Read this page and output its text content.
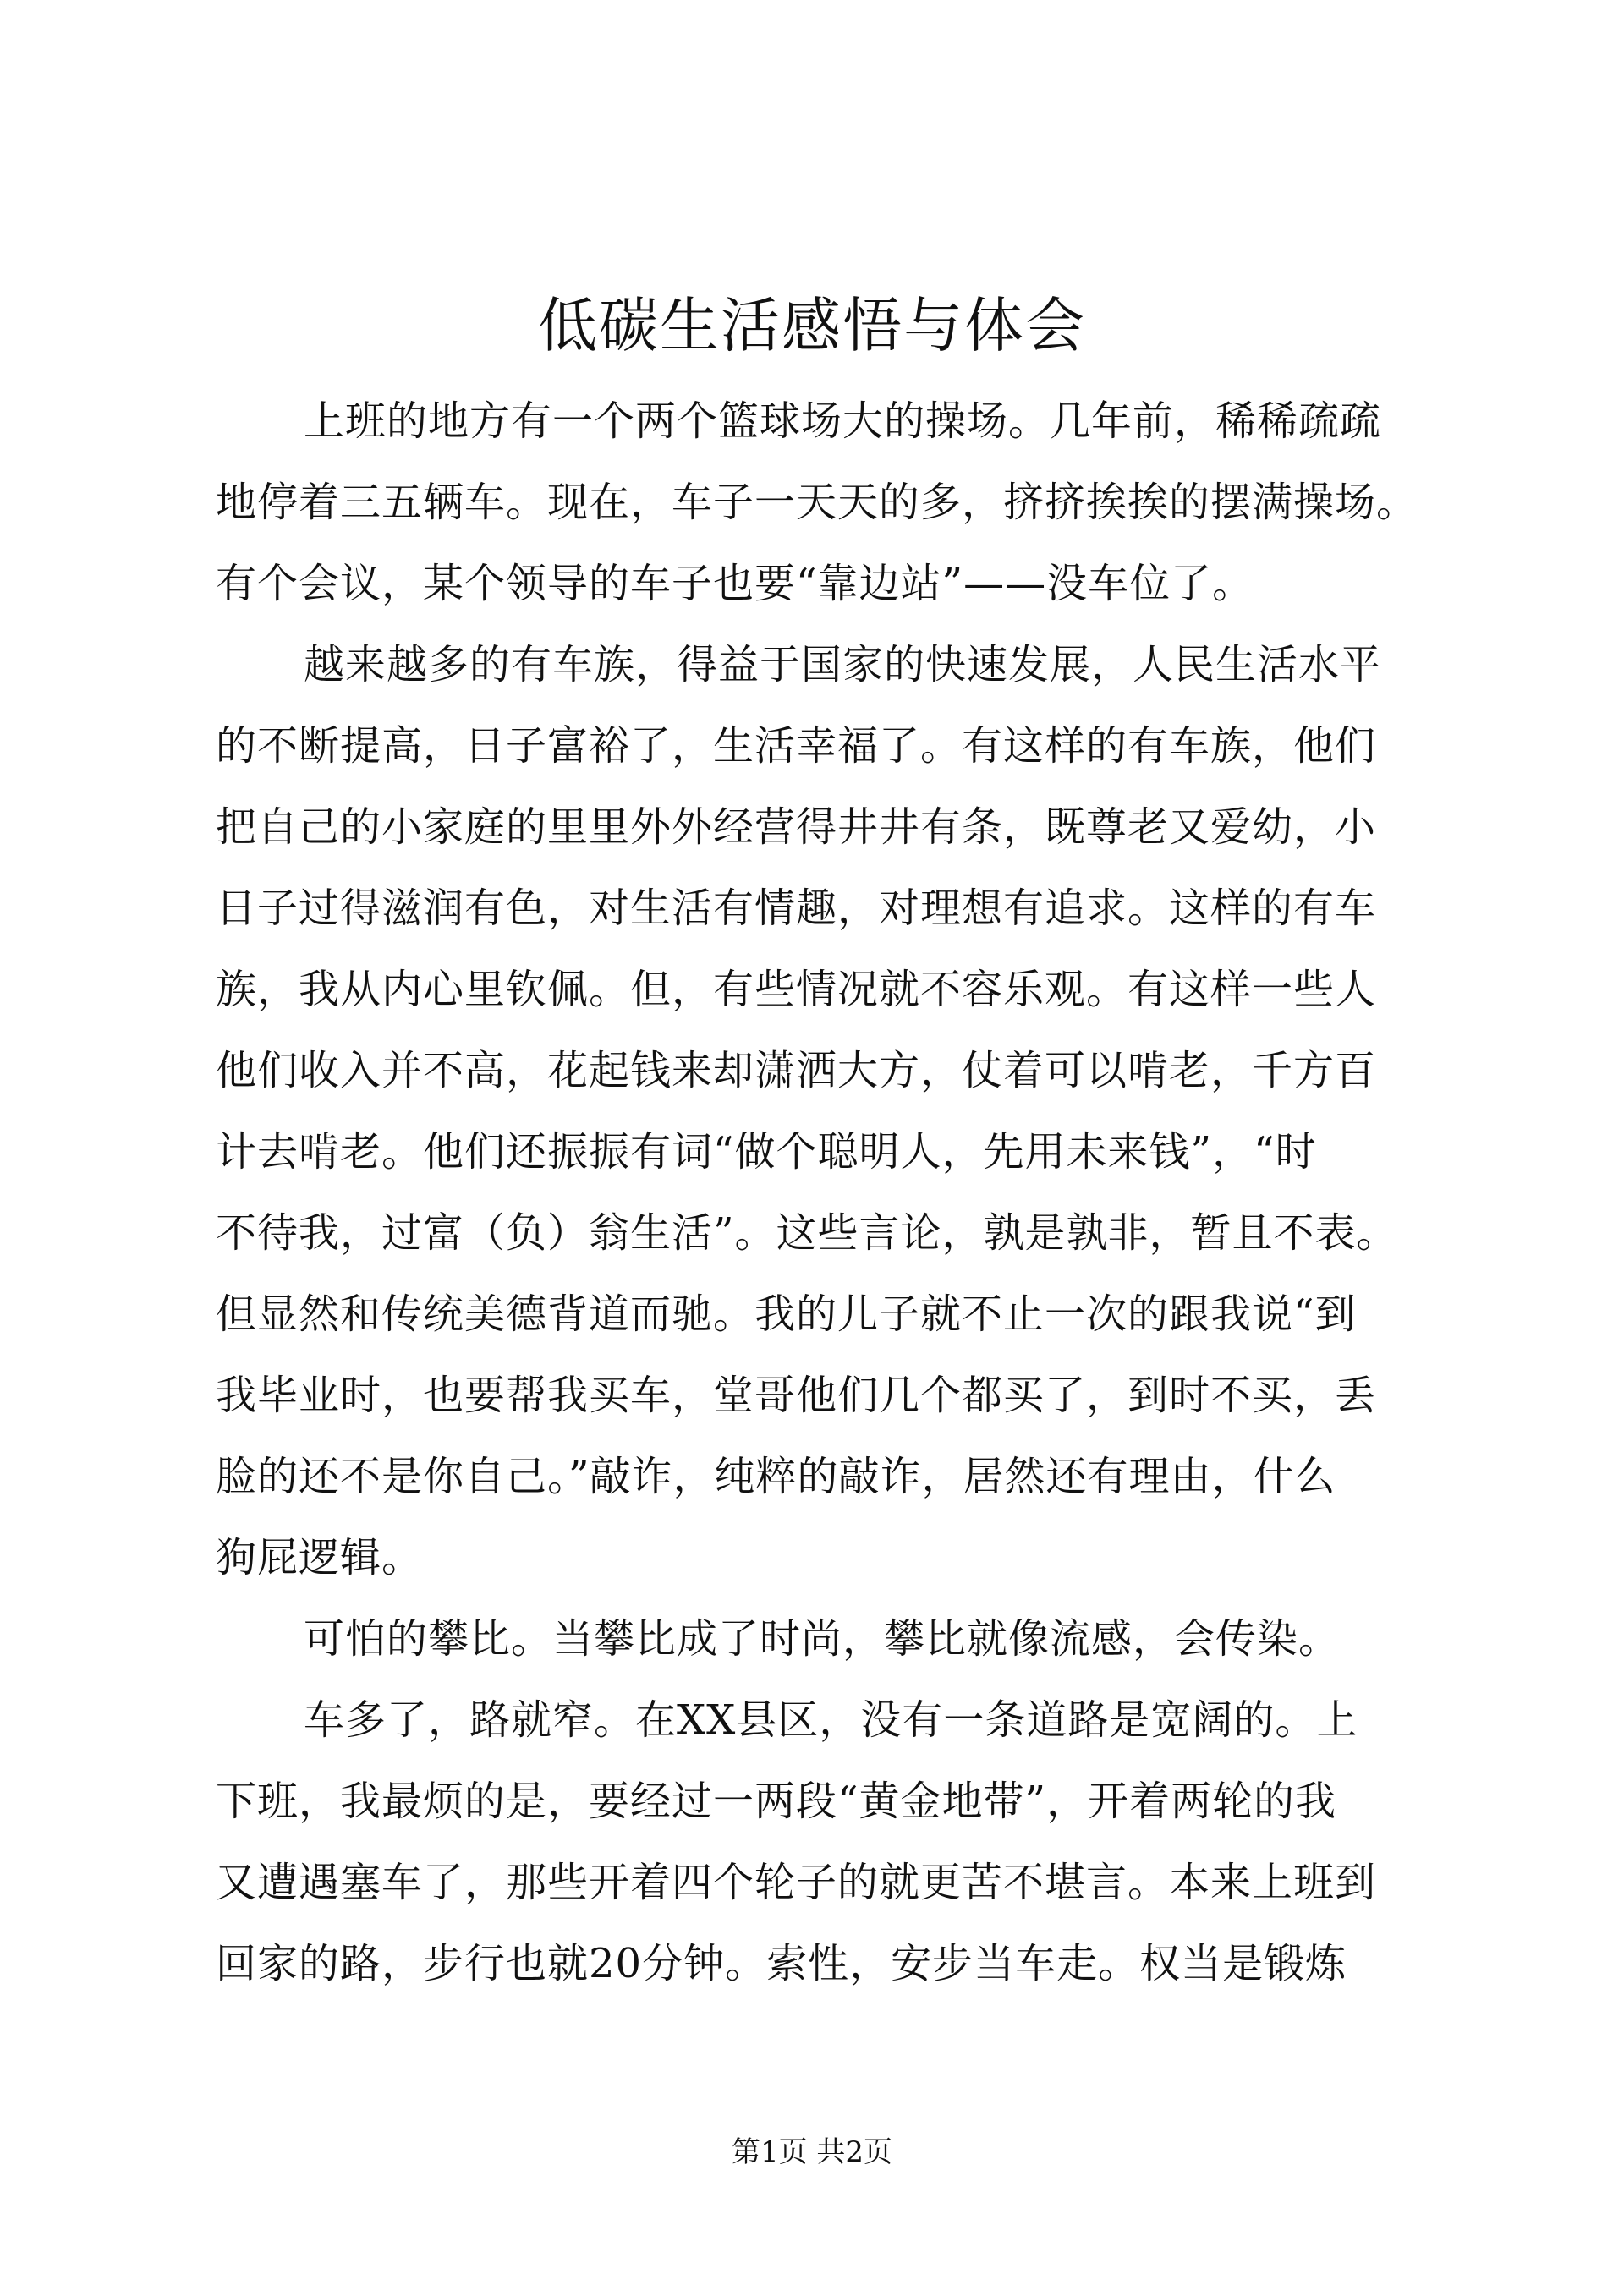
低碳生活感悟与体会
上班的地方有一个两个篮球场大的操场。几年前，稀稀疏疏
地停着三五辆车。现在，车子一天天的多，挤挤挨挨的摆满操场。
有个会议，某个领导的车子也要“靠边站”——没车位了。
越来越多的有车族，得益于国家的快速发展，人民生活水平
的不断提高，日子富裕了，生活幸福了。有这样的有车族，他们
把自己的小家庭的里里外外经营得井井有条，既尊老又爱幼，小
日子过得滋润有色，对生活有情趣，对理想有追求。这样的有车
族，我从内心里钦佩。但，有些情况就不容乐观。有这样一些人
他们收入并不高，花起钱来却潇洒大方，仗着可以啃老，千方百
计去啃老。他们还振振有词“做个聪明人，先用未来钱”，“时
不待我，过富（负）翁生活”。这些言论，孰是孰非，暂且不表。
但显然和传统美德背道而驰。我的儿子就不止一次的跟我说“到
我毕业时，也要帮我买车，堂哥他们几个都买了，到时不买，丢
脸的还不是你自己。”敲诈，纯粹的敲诈，居然还有理由，什么
狗屁逻辑。
可怕的攀比。当攀比成了时尚，攀比就像流感，会传染。
车多了，路就窄。在XX县区，没有一条道路是宽阔的。上
下班，我最烦的是，要经过一两段“黄金地带”，开着两轮的我
又遭遇塞车了，那些开着四个轮子的就更苦不堪言。本来上班到
回家的路，步行也就20分钟。索性，安步当车走。权当是锻炼
第1页 共2页
